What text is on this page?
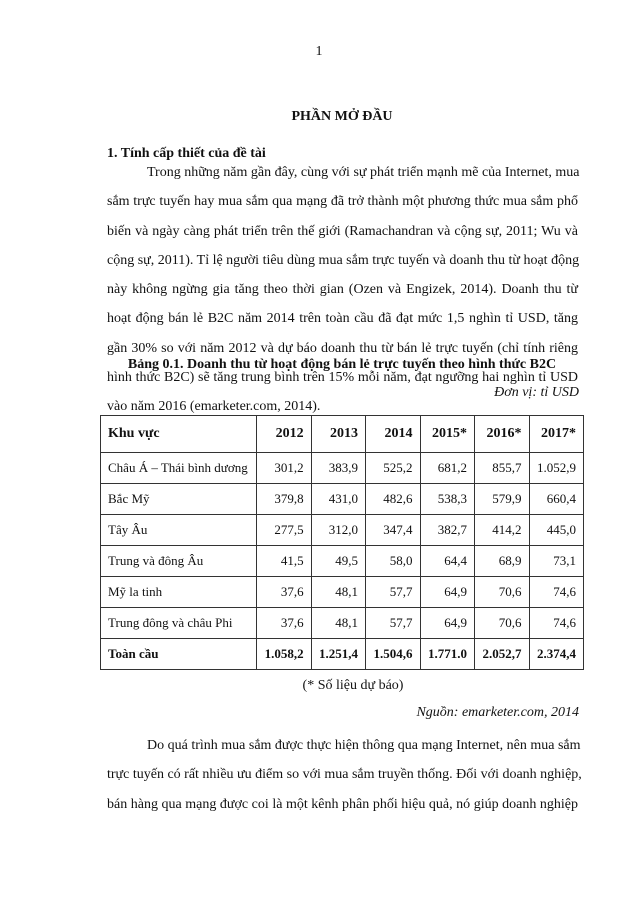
1
PHẦN MỞ ĐẦU
1. Tính cấp thiết của đề tài
Trong những năm gần đây, cùng với sự phát triển mạnh mẽ của Internet, mua
sắm trực tuyến hay mua sắm qua mạng đã trở thành một phương thức mua sắm phổ
biến và ngày càng phát triển trên thế giới (Ramachandran và cộng sự, 2011; Wu và
cộng sự, 2011). Tỉ lệ người tiêu dùng mua sắm trực tuyến và doanh thu từ hoạt động
này không ngừng gia tăng theo thời gian (Ozen và Engizek, 2014). Doanh thu từ
hoạt động bán lẻ B2C năm 2014 trên toàn cầu đã đạt mức 1,5 nghìn tỉ USD, tăng
gần 30% so với năm 2012 và dự báo doanh thu từ bán lẻ trực tuyến (chỉ tính riêng
hình thức B2C) sẽ tăng trung bình trên 15% mỗi năm, đạt ngưỡng hai nghìn tỉ USD
vào năm 2016 (emarketer.com, 2014).
Bảng 0.1. Doanh thu từ hoạt động bán lẻ trực tuyến theo hình thức B2C
Đơn vị: tỉ USD
Khu vực	2012	2013	2014	2015*	2016*	2017*
Châu Á – Thái bình dương	301,2	383,9	525,2	681,2	855,7	1.052,9
Bắc Mỹ	379,8	431,0	482,6	538,3	579,9	660,4
Tây Âu	277,5	312,0	347,4	382,7	414,2	445,0
Trung và đông Âu	41,5	49,5	58,0	64,4	68,9	73,1
Mỹ la tinh	37,6	48,1	57,7	64,9	70,6	74,6
Trung đông và châu Phi	37,6	48,1	57,7	64,9	70,6	74,6
Toàn cầu	1.058,2	1.251,4	1.504,6	1.771.0	2.052,7	2.374,4
(* Số liệu dự báo)
Nguồn: emarketer.com, 2014
Do quá trình mua sắm được thực hiện thông qua mạng Internet, nên mua sắm
trực tuyến có rất nhiều ưu điểm so với mua sắm truyền thống. Đối với doanh nghiệp,
bán hàng qua mạng được coi là một kênh phân phối hiệu quả, nó giúp doanh nghiệp
